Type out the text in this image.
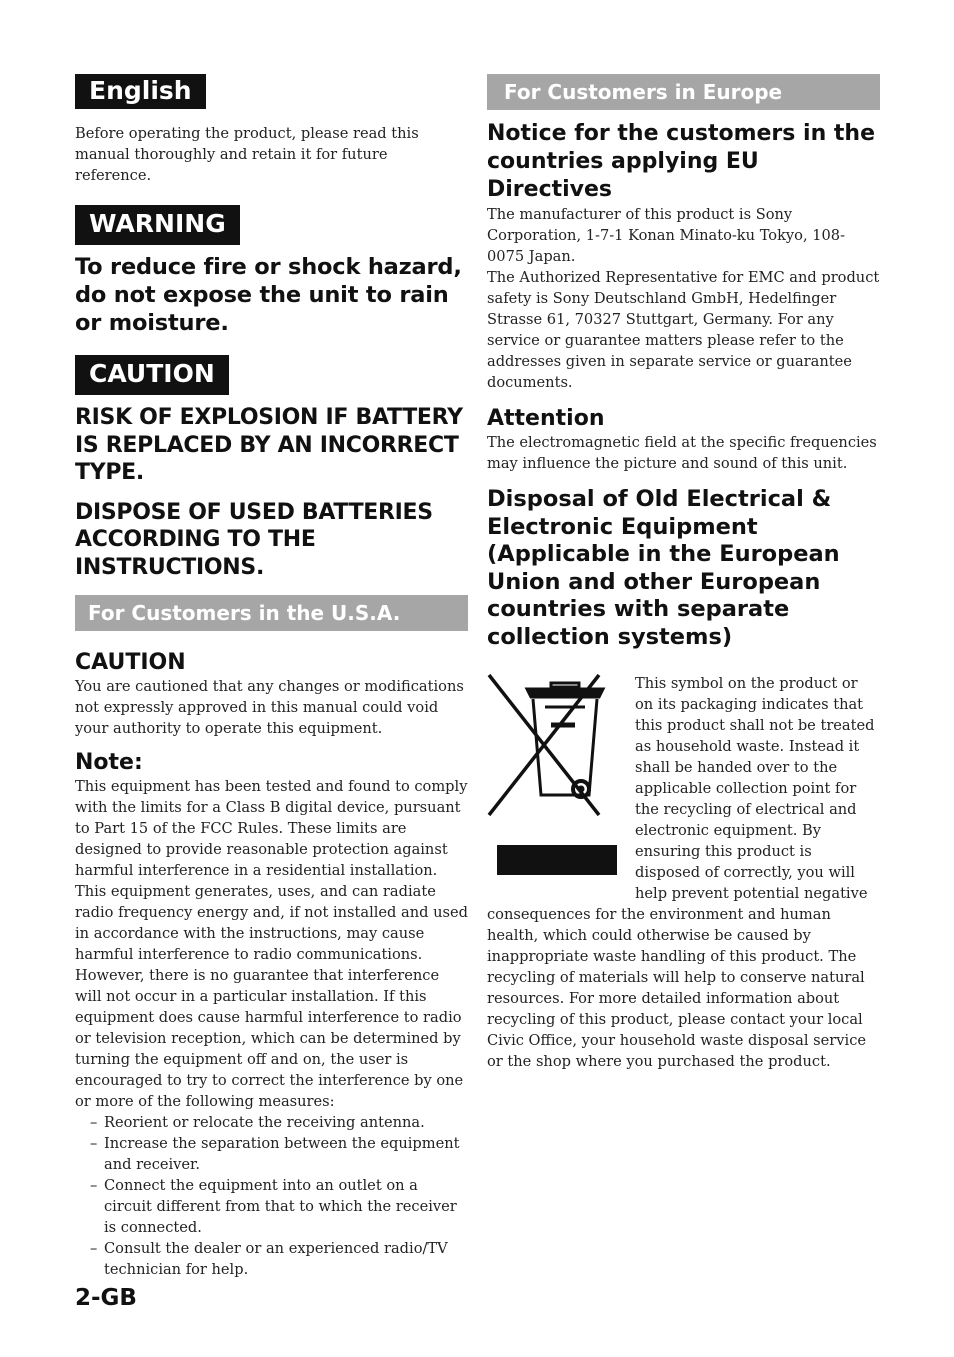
English

Before operating the product, please read this manual thoroughly and retain it for future reference.

WARNING
To reduce fire or shock hazard, do not expose the unit to rain or moisture.
CAUTION
RISK OF EXPLOSION IF BATTERY IS REPLACED BY AN INCORRECT TYPE.
DISPOSE OF USED BATTERIES ACCORDING TO THE INSTRUCTIONS.
For Customers in the U.S.A.
CAUTION

You are cautioned that any changes or modifications not expressly approved in this manual could void your authority to operate this equipment.

Note:

This equipment has been tested and found to comply with the limits for a Class B digital device, pursuant to Part 15 of the FCC Rules. These limits are designed to provide reasonable protection against harmful interference in a residential installation. This equipment generates, uses, and can radiate radio frequency energy and, if not installed and used in accordance with the instructions, may cause harmful interference to radio communications. However, there is no guarantee that interference will not occur in a particular installation. If this equipment does cause harmful interference to radio or television reception, which can be determined by turning the equipment off and on, the user is encouraged to try to correct the interference by one or more of the following measures:

– Reorient or relocate the receiving antenna.
– Increase the separation between the equipment and receiver.
– Connect the equipment into an outlet on a circuit different from that to which the receiver is connected.
– Consult the dealer or an experienced radio/TV technician for help.
For Customers in Europe
Notice for the customers in the countries applying EU Directives

The manufacturer of this product is Sony Corporation, 1-7-1 Konan Minato-ku Tokyo, 108-0075 Japan.

The Authorized Representative for EMC and product safety is Sony Deutschland GmbH, Hedelfinger Strasse 61, 70327 Stuttgart, Germany. For any service or guarantee matters please refer to the addresses given in separate service or guarantee documents.

Attention

The electromagnetic field at the specific frequencies may influence the picture and sound of this unit.

Disposal of Old Electrical & Electronic Equipment (Applicable in the European Union and other European countries with separate collection systems)

This symbol on the product or on its packaging indicates that this product shall not be treated as household waste. Instead it shall be handed over to the applicable collection point for the recycling of electrical and electronic equipment. By ensuring this product is disposed of correctly, you will help prevent potential negative consequences for the environment and human health, which could otherwise be caused by inappropriate waste handling of this product. The recycling of materials will help to conserve natural resources. For more detailed information about recycling of this product, please contact your local Civic Office, your household waste disposal service or the shop where you purchased the product.

2-GB
